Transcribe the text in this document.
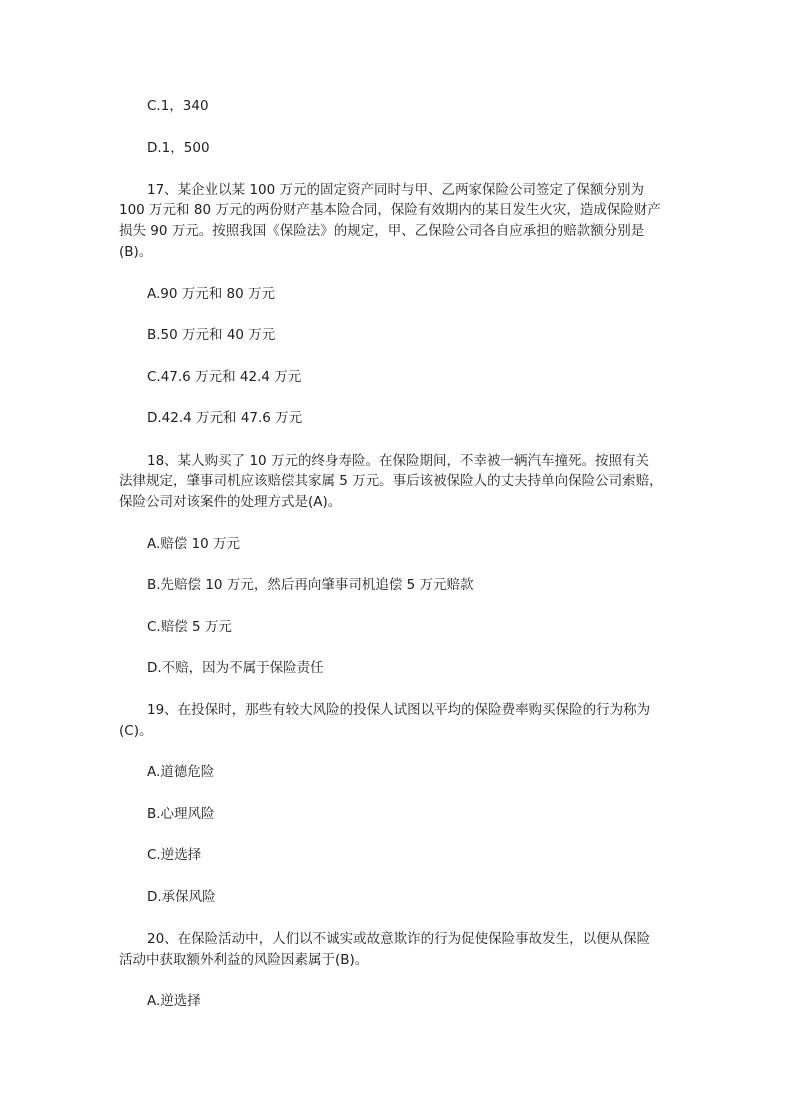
C.1，340
D.1，500
17、某企业以某 100 万元的固定资产同时与甲、乙两家保险公司签定了保额分别为
100 万元和 80 万元的两份财产基本险合同，保险有效期内的某日发生火灾，造成保险财产
损失 90 万元。按照我国《保险法》的规定，甲、乙保险公司各自应承担的赔款额分别是
(B)。
A.90 万元和 80 万元
B.50 万元和 40 万元
C.47.6 万元和 42.4 万元
D.42.4 万元和 47.6 万元
18、某人购买了 10 万元的终身寿险。在保险期间，不幸被一辆汽车撞死。按照有关
法律规定，肇事司机应该赔偿其家属 5 万元。事后该被保险人的丈夫持单向保险公司索赔，
保险公司对该案件的处理方式是(A)。
A.赔偿 10 万元
B.先赔偿 10 万元，然后再向肇事司机追偿 5 万元赔款
C.赔偿 5 万元
D.不赔，因为不属于保险责任
19、在投保时，那些有较大风险的投保人试图以平均的保险费率购买保险的行为称为
(C)。
A.道德危险
B.心理风险
C.逆选择
D.承保风险
20、在保险活动中，人们以不诚实或故意欺诈的行为促使保险事故发生，以便从保险
活动中获取额外利益的风险因素属于(B)。
A.逆选择
